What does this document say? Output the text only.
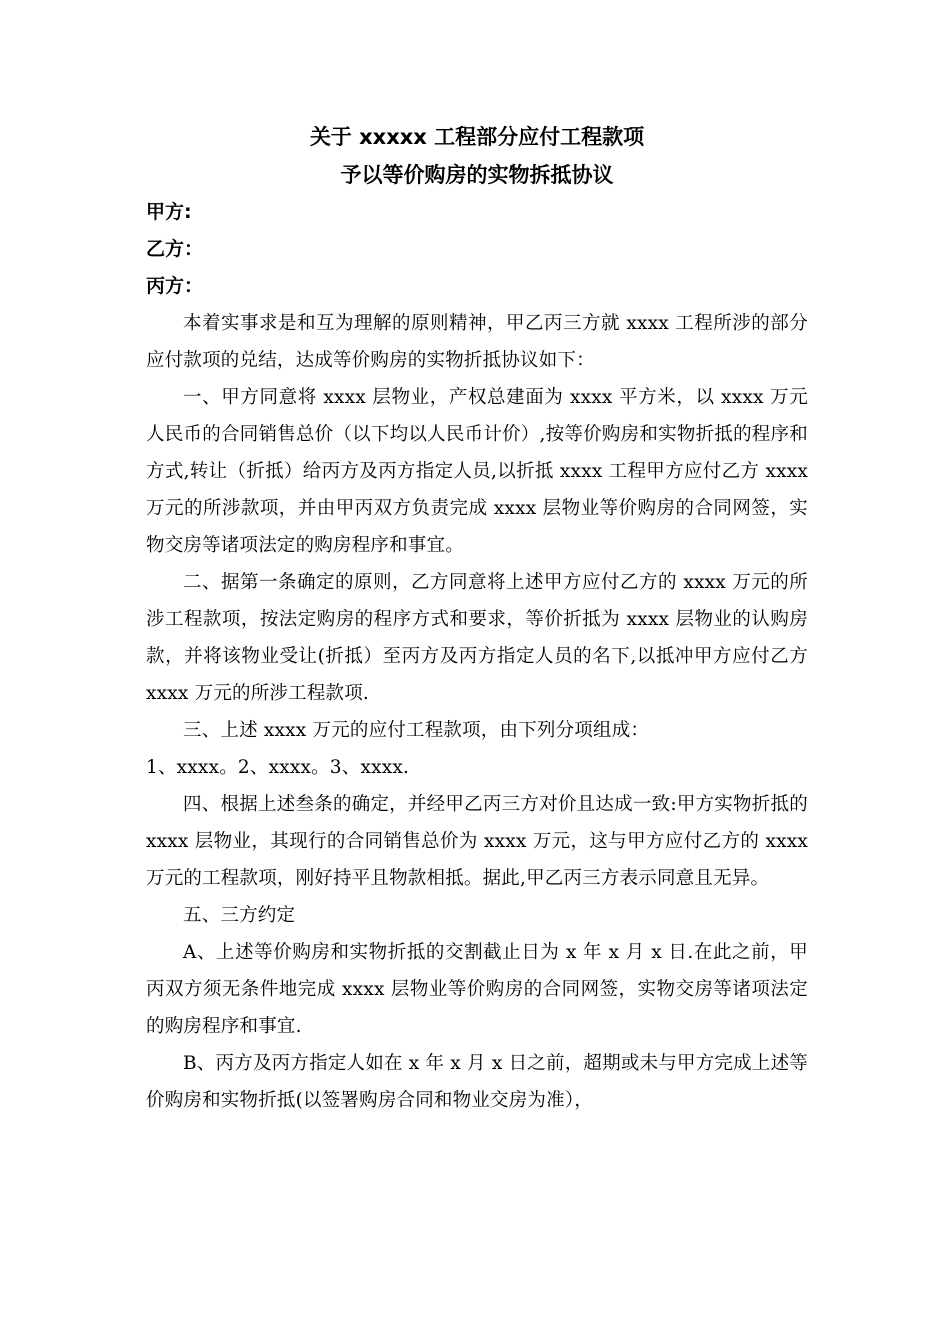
关于 xxxxx 工程部分应付工程款项

予以等价购房的实物拆抵协议

甲方:

乙方：

丙方：

本着实事求是和互为理解的原则精神，甲乙丙三方就 xxxx 工程所涉的部分应付款项的兑结，达成等价购房的实物折抵协议如下：

一、甲方同意将 xxxx 层物业，产权总建面为 xxxx 平方米，以 xxxx 万元人民币的合同销售总价（以下均以人民币计价）,按等价购房和实物折抵的程序和方式,转让（折抵）给丙方及丙方指定人员,以折抵 xxxx 工程甲方应付乙方 xxxx 万元的所涉款项，并由甲丙双方负责完成 xxxx 层物业等价购房的合同网签，实物交房等诸项法定的购房程序和事宜。

二、据第一条确定的原则，乙方同意将上述甲方应付乙方的 xxxx 万元的所涉工程款项，按法定购房的程序方式和要求，等价折抵为 xxxx 层物业的认购房款，并将该物业受让(折抵）至丙方及丙方指定人员的名下,以抵冲甲方应付乙方 xxxx 万元的所涉工程款项.

三、上述 xxxx 万元的应付工程款项，由下列分项组成：

1、xxxx。2、xxxx。3、xxxx.

四、根据上述叁条的确定，并经甲乙丙三方对价且达成一致:甲方实物折抵的 xxxx 层物业，其现行的合同销售总价为 xxxx 万元，这与甲方应付乙方的 xxxx 万元的工程款项，刚好持平且物款相抵。据此,甲乙丙三方表示同意且无异。

五、三方约定

A、上述等价购房和实物折抵的交割截止日为 x 年 x 月 x 日.在此之前，甲丙双方须无条件地完成 xxxx 层物业等价购房的合同网签，实物交房等诸项法定的购房程序和事宜.

B、丙方及丙方指定人如在 x 年 x 月 x 日之前，超期或未与甲方完成上述等价购房和实物折抵(以签署购房合同和物业交房为准），
